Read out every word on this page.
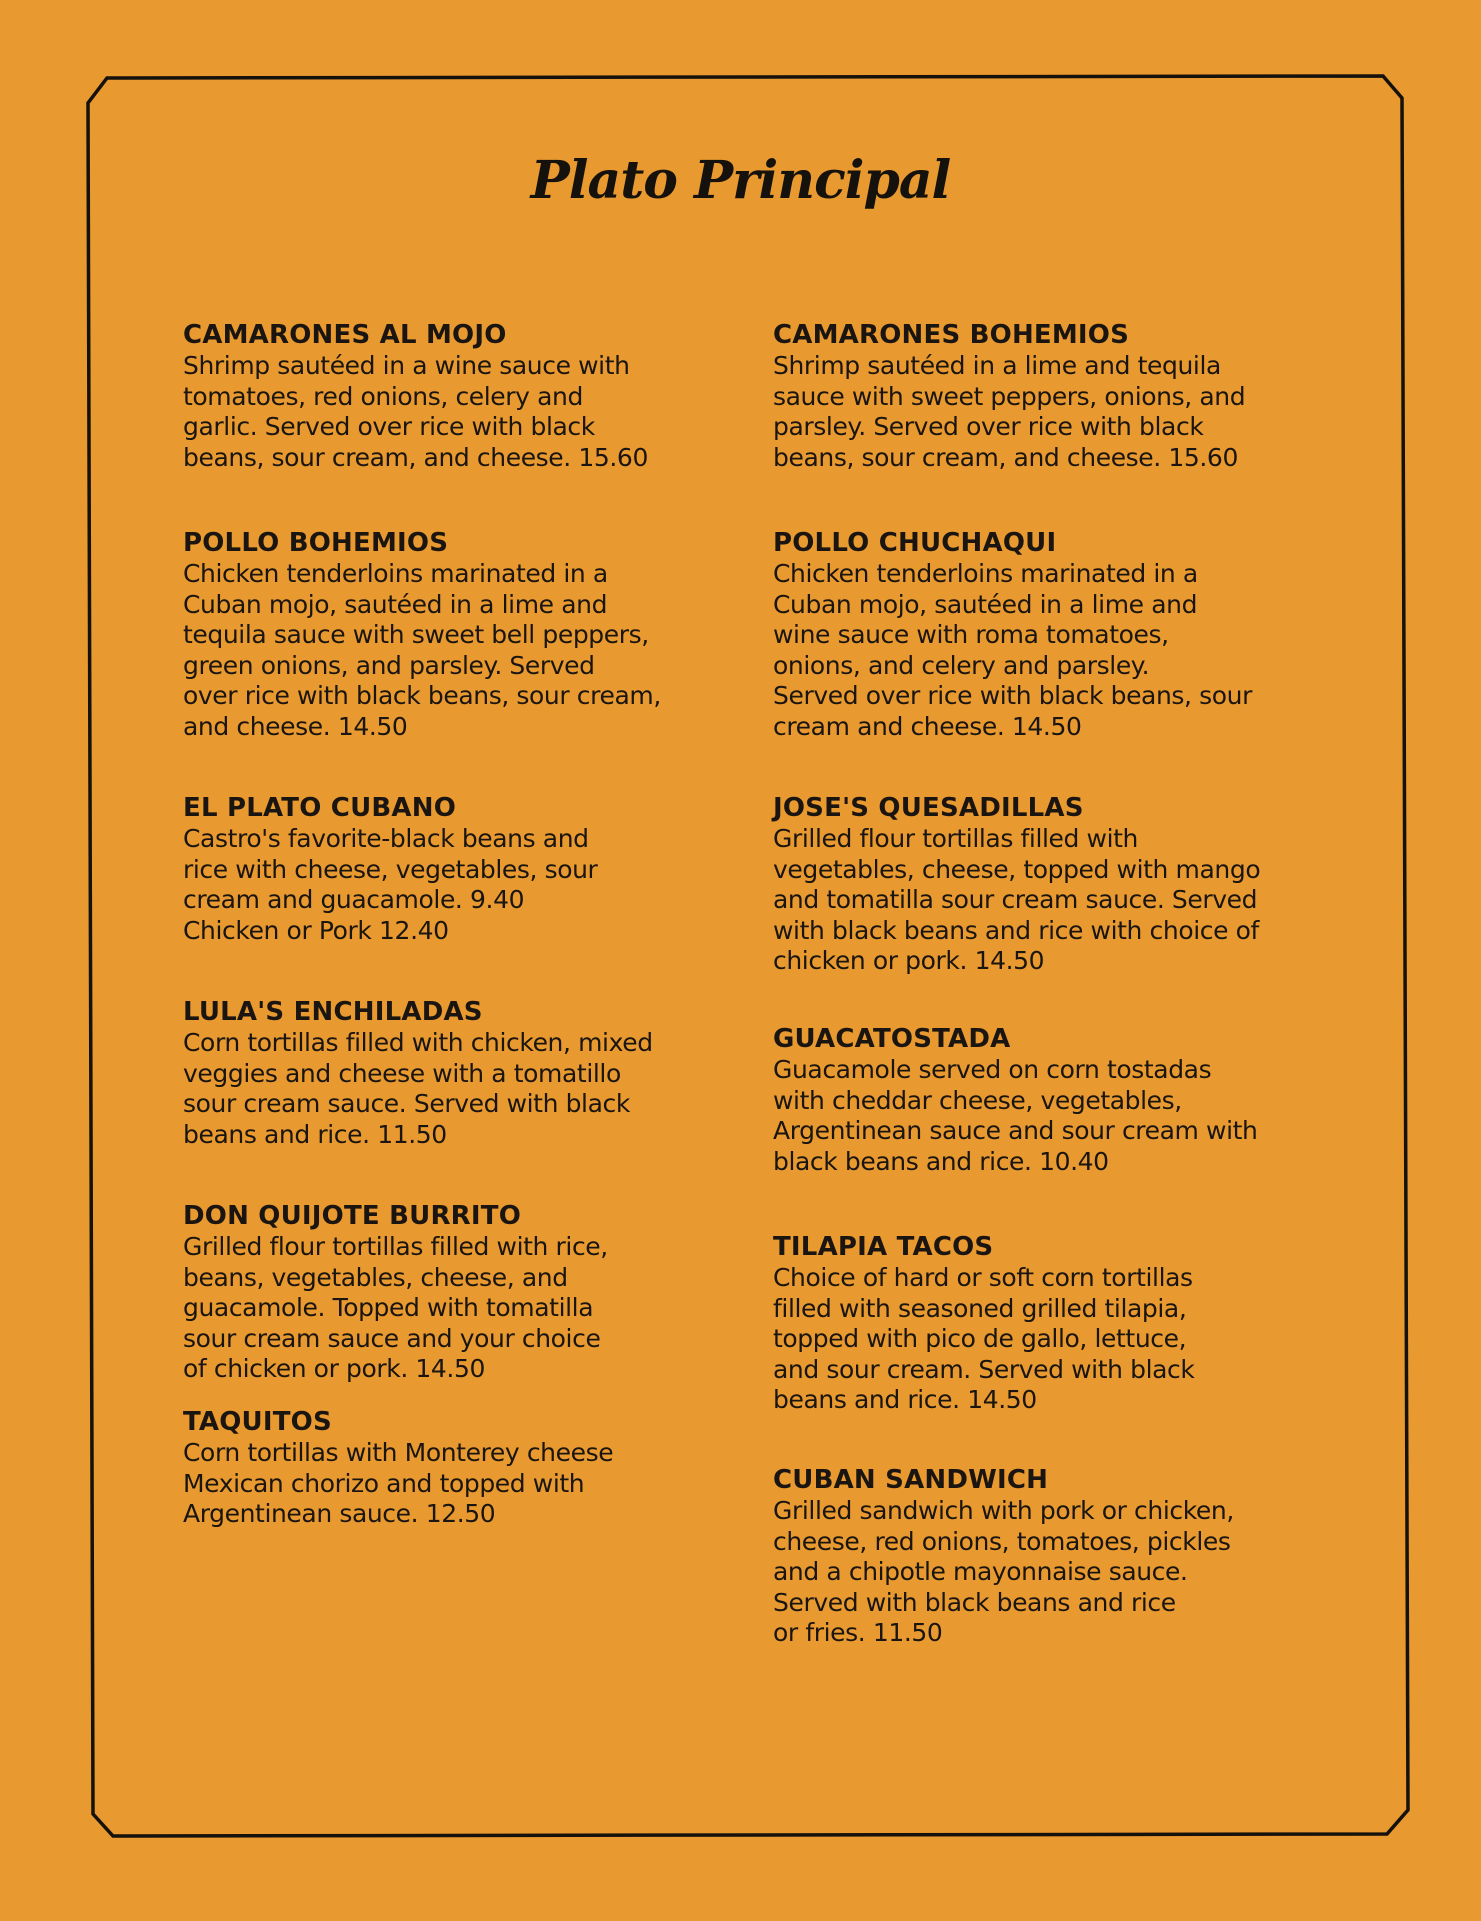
Plato Principal
CAMARONES AL MOJO
Shrimp sautéed in a wine sauce with
tomatoes, red onions, celery and
garlic. Served over rice with black
beans, sour cream, and cheese. 15.60
POLLO BOHEMIOS
Chicken tenderloins marinated in a
Cuban mojo, sautéed in a lime and
tequila sauce with sweet bell peppers,
green onions, and parsley. Served
over rice with black beans, sour cream,
and cheese. 14.50
EL PLATO CUBANO
Castro's favorite-black beans and
rice with cheese, vegetables, sour
cream and guacamole. 9.40
Chicken or Pork 12.40
LULA'S ENCHILADAS
Corn tortillas filled with chicken, mixed
veggies and cheese with a tomatillo
sour cream sauce. Served with black
beans and rice. 11.50
DON QUIJOTE BURRITO
Grilled flour tortillas filled with rice,
beans, vegetables, cheese, and
guacamole. Topped with tomatilla
sour cream sauce and your choice
of chicken or pork. 14.50
TAQUITOS
Corn tortillas with Monterey cheese
Mexican chorizo and topped with
Argentinean sauce. 12.50
CAMARONES BOHEMIOS
Shrimp sautéed in a lime and tequila
sauce with sweet peppers, onions, and
parsley. Served over rice with black
beans, sour cream, and cheese. 15.60
POLLO CHUCHAQUI
Chicken tenderloins marinated in a
Cuban mojo, sautéed in a lime and
wine sauce with roma tomatoes,
onions, and celery and parsley.
Served over rice with black beans, sour
cream and cheese. 14.50
JOSE'S QUESADILLAS
Grilled flour tortillas filled with
vegetables, cheese, topped with mango
and tomatilla sour cream sauce. Served
with black beans and rice with choice of
chicken or pork. 14.50
GUACATOSTADA
Guacamole served on corn tostadas
with cheddar cheese, vegetables,
Argentinean sauce and sour cream with
black beans and rice. 10.40
TILAPIA TACOS
Choice of hard or soft corn tortillas
filled with seasoned grilled tilapia,
topped with pico de gallo, lettuce,
and sour cream. Served with black
beans and rice. 14.50
CUBAN SANDWICH
Grilled sandwich with pork or chicken,
cheese, red onions, tomatoes, pickles
and a chipotle mayonnaise sauce.
Served with black beans and rice
or fries. 11.50
